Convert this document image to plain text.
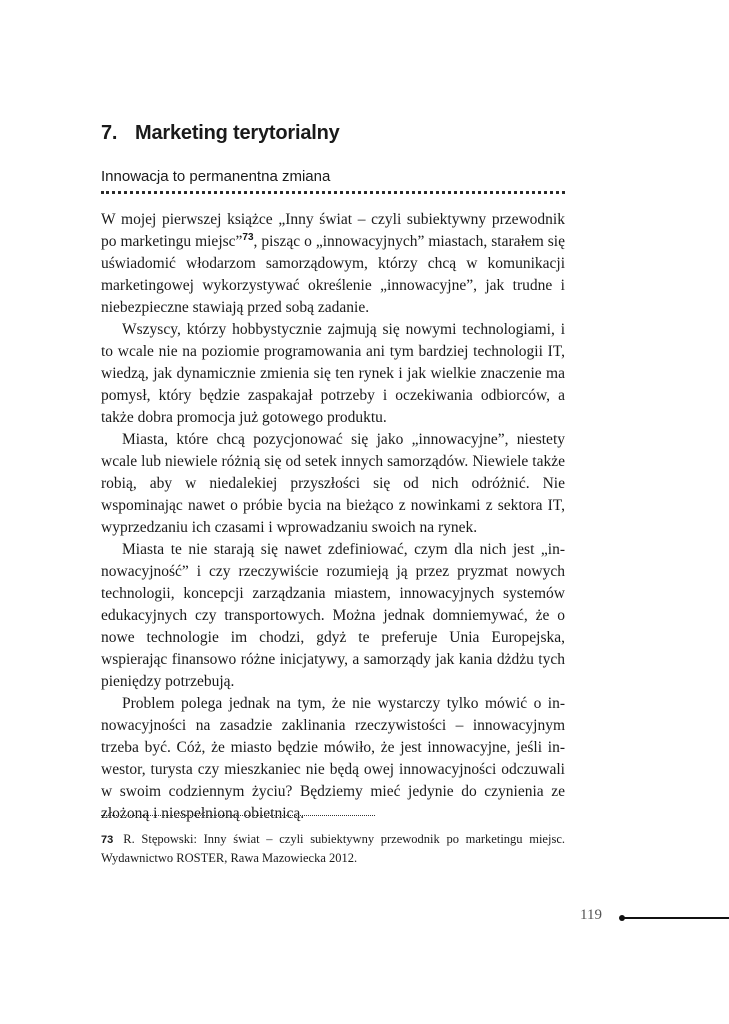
7. Marketing terytorialny
Innowacja to permanentna zmiana

W mojej pierwszej książce „Inny świat – czyli subiektywny przewodnik po marketingu miejsc”$^{73}$, pisząc o „innowacyjnych” miastach, starałem się uświadomić włodarzom samorządowym, którzy chcą w komunikacji marketingowej wykorzystywać określenie „innowacyjne”, jak trudne i niebezpieczne stawiają przed sobą zadanie.

Wszyscy, którzy hobbystycznie zajmują się nowymi technologiami, i to wcale nie na poziomie programowania ani tym bardziej technologii IT, wiedzą, jak dynamicznie zmienia się ten rynek i jak wielkie znaczenie ma pomysł, który będzie zaspakajał potrzeby i oczekiwania odbiorców, a także dobra promocja już gotowego produktu.

Miasta, które chcą pozycjonować się jako „innowacyjne”, niestety wcale lub niewiele różnią się od setek innych samorządów. Niewiele także robią, aby w niedalekiej przyszłości się od nich odróżnić. Nie wspominając nawet o próbie bycia na bieżąco z nowinkami z sektora IT, wyprzedzaniu ich czasami i wprowadzaniu swoich na rynek.

Miasta te nie starają się nawet zdefiniować, czym dla nich jest „innowacyjność” i czy rzeczywiście rozumieją ją przez pryzmat nowych technologii, koncepcji zarządzania miastem, innowacyjnych systemów edukacyjnych czy transportowych. Można jednak domniemywać, że o nowe technologie im chodzi, gdyż te preferuje Unia Europejska, wspierając finansowo różne inicjatywy, a samorządy jak kania dżdżu tych pieniędzy potrzebują.

Problem polega jednak na tym, że nie wystarczy tylko mówić o innowacyjności na zasadzie zaklinania rzeczywistości – innowacyjnym trzeba być. Cóż, że miasto będzie mówiło, że jest innowacyjne, jeśli inwestor, turysta czy mieszkaniec nie będą owej innowacyjności odczuwali w swoim codziennym życiu? Będziemy mieć jedynie do czynienia ze złożoną i niespełnioną obietnicą.

73 R. Stępowski: Inny świat – czyli subiektywny przewodnik po marketingu miejsc. Wydawnictwo ROSTER, Rawa Mazowiecka 2012.
119
